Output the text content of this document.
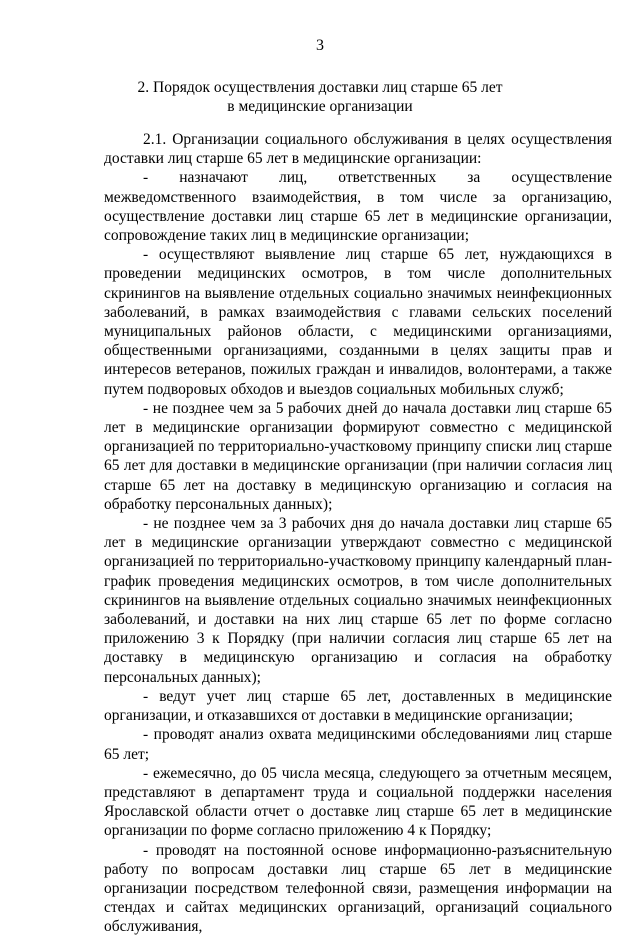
3
2. Порядок осуществления доставки лиц старше 65 лет
в медицинские организации

2.1. Организации социального обслуживания в целях осуществления доставки лиц старше 65 лет в медицинские организации:

- назначают лиц, ответственных за осуществление межведомственного взаимодействия, в том числе за организацию, осуществление доставки лиц старше 65 лет в медицинские организации, сопровождение таких лиц в медицинские организации;

- осуществляют выявление лиц старше 65 лет, нуждающихся в проведении медицинских осмотров, в том числе дополнительных скринингов на выявление отдельных социально значимых неинфекционных заболеваний, в рамках взаимодействия с главами сельских поселений муниципальных районов области, с медицинскими организациями, общественными организациями, созданными в целях защиты прав и интересов ветеранов, пожилых граждан и инвалидов, волонтерами, а также путем подворовых обходов и выездов социальных мобильных служб;

- не позднее чем за 5 рабочих дней до начала доставки лиц старше 65 лет в медицинские организации формируют совместно с медицинской организацией по территориально-участковому принципу списки лиц старше 65 лет для доставки в медицинские организации (при наличии согласия лиц старше 65 лет на доставку в медицинскую организацию и согласия на обработку персональных данных);

- не позднее чем за 3 рабочих дня до начала доставки лиц старше 65 лет в медицинские организации утверждают совместно с медицинской организацией по территориально-участковому принципу календарный план-график проведения медицинских осмотров, в том числе дополнительных скринингов на выявление отдельных социально значимых неинфекционных заболеваний, и доставки на них лиц старше 65 лет по форме согласно приложению 3 к Порядку (при наличии согласия лиц старше 65 лет на доставку в медицинскую организацию и согласия на обработку персональных данных);

- ведут учет лиц старше 65 лет, доставленных в медицинские организации, и отказавшихся от доставки в медицинские организации;

- проводят анализ охвата медицинскими обследованиями лиц старше 65 лет;

- ежемесячно, до 05 числа месяца, следующего за отчетным месяцем, представляют в департамент труда и социальной поддержки населения Ярославской области отчет о доставке лиц старше 65 лет в медицинские организации по форме согласно приложению 4 к Порядку;

- проводят на постоянной основе информационно-разъяснительную работу по вопросам доставки лиц старше 65 лет в медицинские организации посредством телефонной связи, размещения информации на стендах и сайтах медицинских организаций, организаций социального обслуживания,
